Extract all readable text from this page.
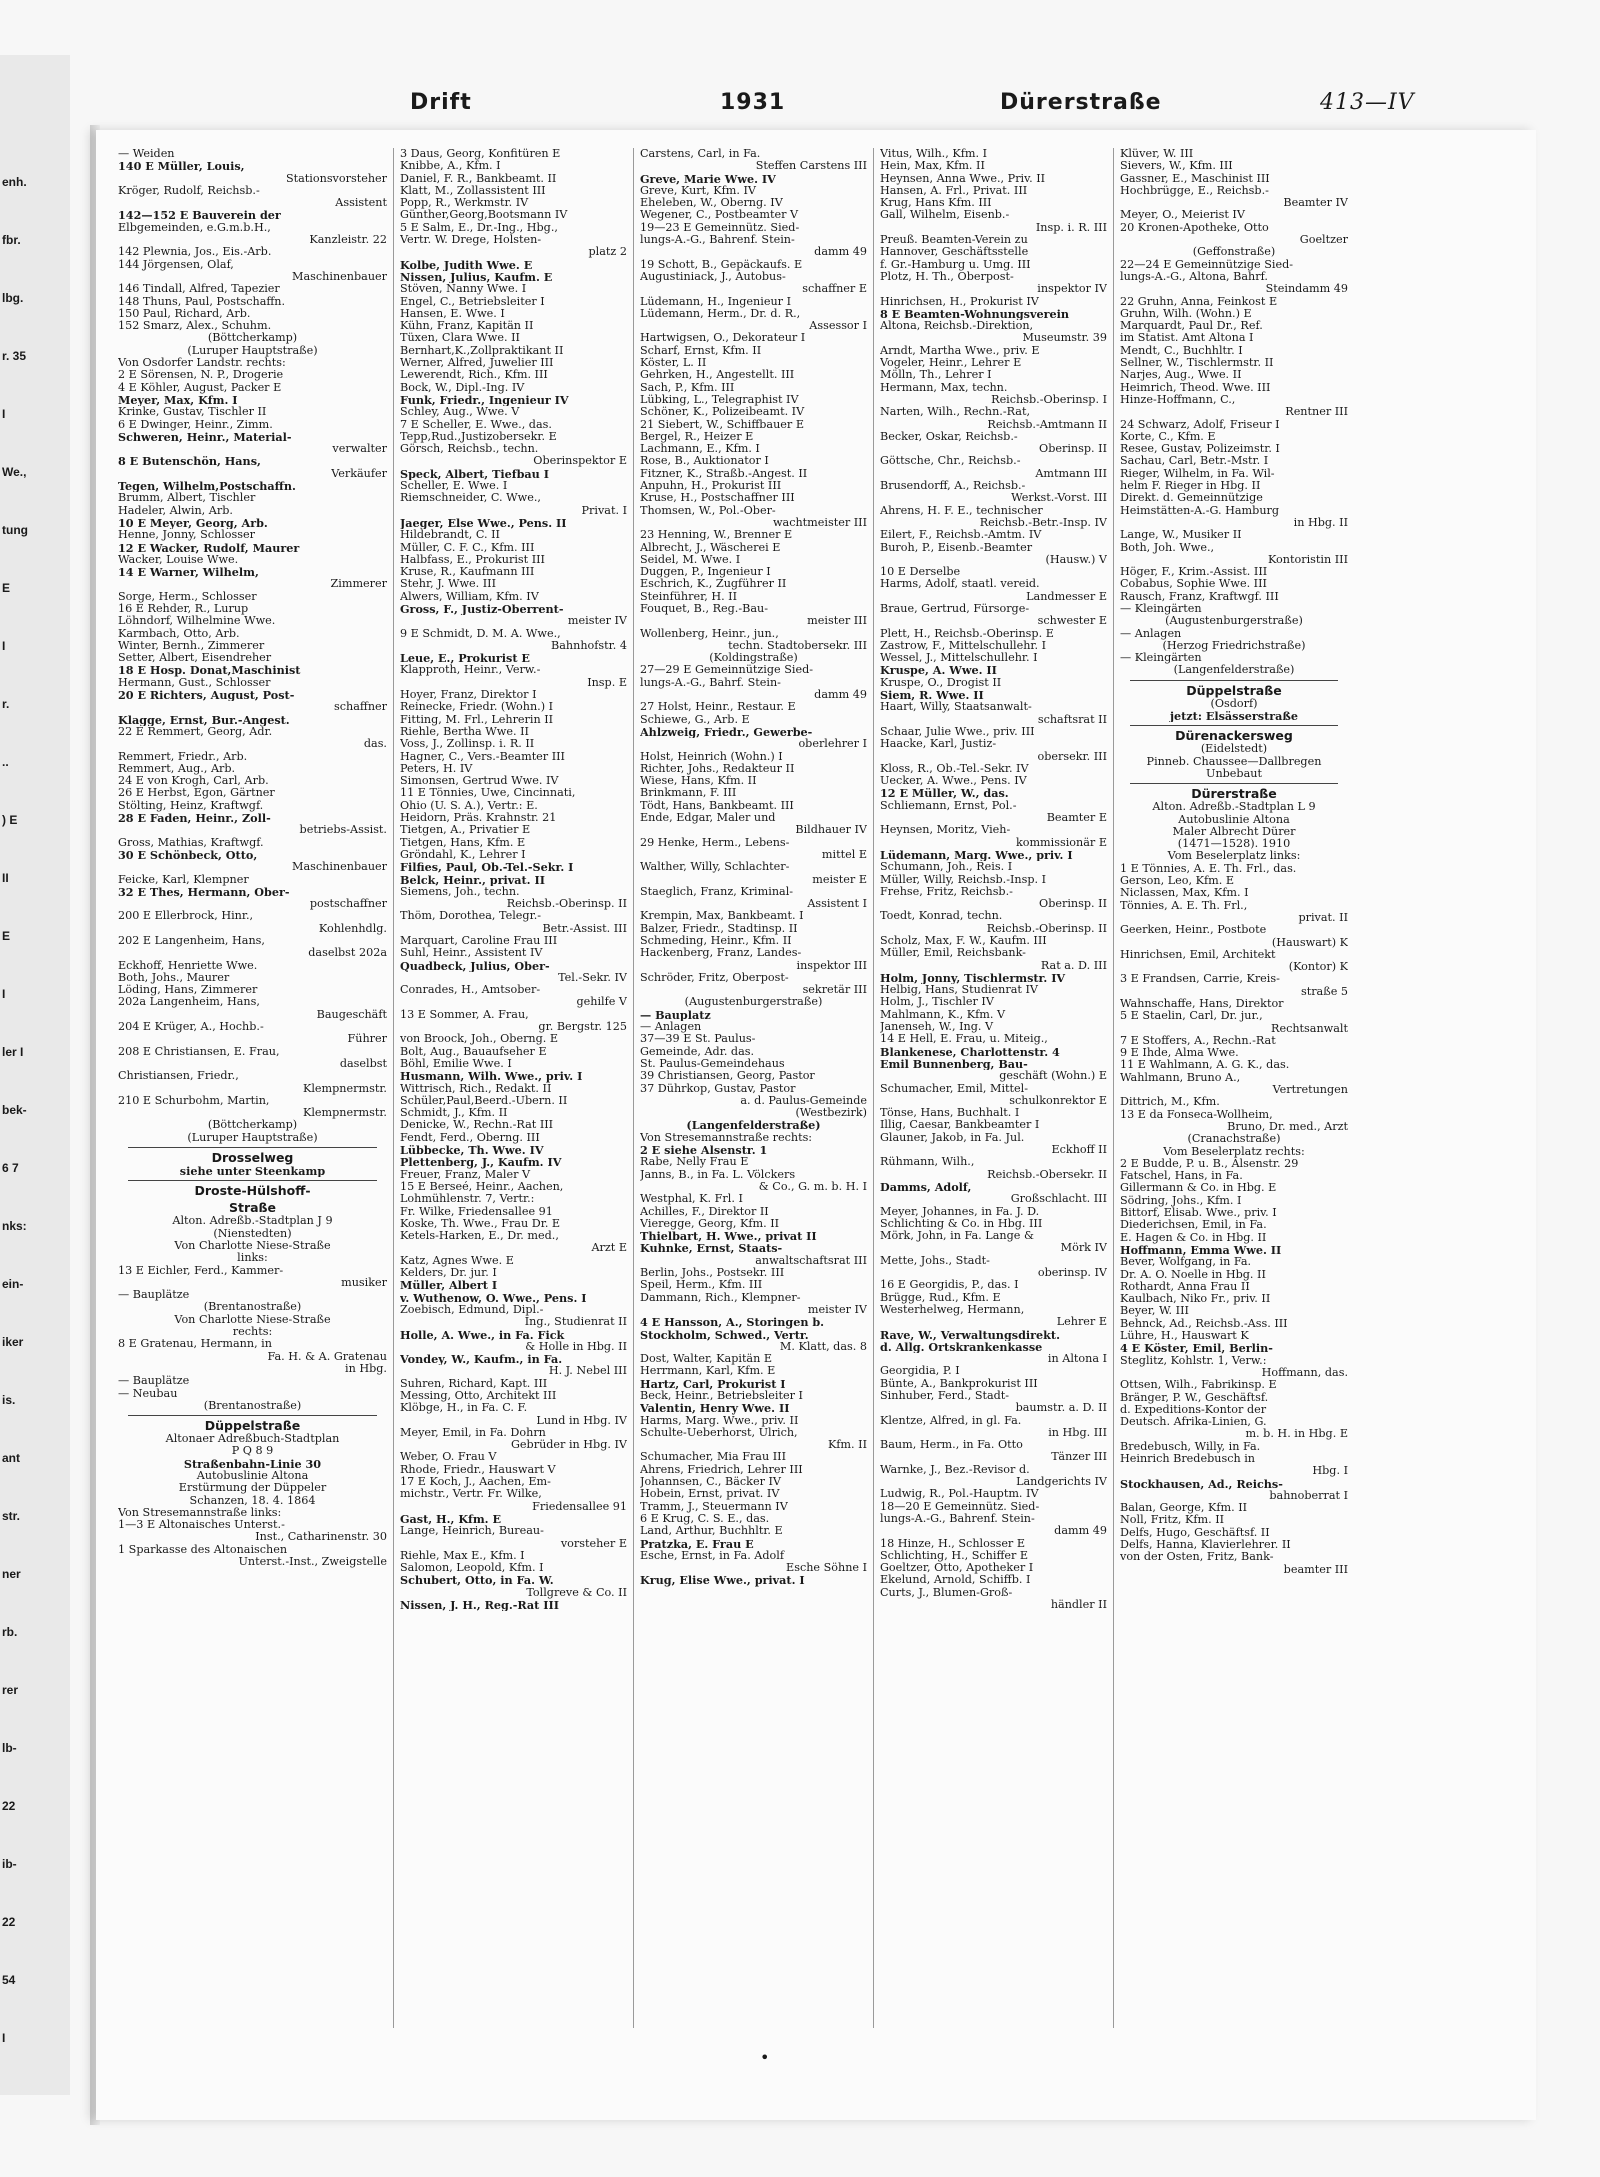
enh.
fbr.
lbg.
r. 35
I
We.,
tung
E
I
r.
..
) E
II
E
I
ler I
bek-
6 7
nks:
ein-
iker
is.
ant
str.
ner
rb.
rer
lb-
22
ib-
22
54
I
Drift	1931	Dürerstraße	413—IV
— Weiden
140 E Müller, Louis,
Stationsvorsteher
Kröger, Rudolf, Reichsb.-
Assistent
142—152 E Bauverein der
Elbgemeinden, e.G.m.b.H.,
Kanzleistr. 22
142 Plewnia, Jos., Eis.-Arb.
144 Jörgensen, Olaf,
Maschinenbauer
146 Tindall, Alfred, Tapezier
148 Thuns, Paul, Postschaffn.
150 Paul, Richard, Arb.
152 Smarz, Alex., Schuhm.
(Böttcherkamp)
(Luruper Hauptstraße)
Von Osdorfer Landstr. rechts:
2 E Sörensen, N. P., Drogerie
4 E Köhler, August, Packer E
Meyer, Max, Kfm. I
Krinke, Gustav, Tischler II
6 E Dwinger, Heinr., Zimm.
Schweren, Heinr., Material-
verwalter
8 E Butenschön, Hans,
Verkäufer
Tegen, Wilhelm,Postschaffn.
Brumm, Albert, Tischler
Hadeler, Alwin, Arb.
10 E Meyer, Georg, Arb.
Henne, Jonny, Schlosser
12 E Wacker, Rudolf, Maurer
Wacker, Louise Wwe.
14 E Warner, Wilhelm,
Zimmerer
Sorge, Herm., Schlosser
16 E Rehder, R., Lurup
Löhndorf, Wilhelmine Wwe.
Karmbach, Otto, Arb.
Winter, Bernh., Zimmerer
Setter, Albert, Eisendreher
18 E Hosp. Donat,Maschinist
Hermann, Gust., Schlosser
20 E Richters, August, Post-
schaffner
Klagge, Ernst, Bur.-Angest.
22 E Remmert, Georg, Adr.
das.
Remmert, Friedr., Arb.
Remmert, Aug., Arb.
24 E von Krogh, Carl, Arb.
26 E Herbst, Egon, Gärtner
Stölting, Heinz, Kraftwgf.
28 E Faden, Heinr., Zoll-
betriebs-Assist.
Gross, Mathias, Kraftwgf.
30 E Schönbeck, Otto,
Maschinenbauer
Feicke, Karl, Klempner
32 E Thes, Hermann, Ober-
postschaffner
200 E Ellerbrock, Hinr.,
Kohlenhdlg.
202 E Langenheim, Hans,
daselbst 202a
Eckhoff, Henriette Wwe.
Both, Johs., Maurer
Löding, Hans, Zimmerer
202a Langenheim, Hans,
Baugeschäft
204 E Krüger, A., Hochb.-
Führer
208 E Christiansen, E. Frau,
daselbst
Christiansen, Friedr.,
Klempnermstr.
210 E Schurbohm, Martin,
Klempnermstr.
(Böttcherkamp)
(Luruper Hauptstraße)
Drosselweg
siehe unter Steenkamp
Droste-Hülshoff-
Straße
Alton. Adreßb.-Stadtplan J 9
(Nienstedten)
Von Charlotte Niese-Straße
links:
13 E Eichler, Ferd., Kammer-
musiker
— Bauplätze
(Brentanostraße)
Von Charlotte Niese-Straße
rechts:
8 E Gratenau, Hermann, in
Fa. H. & A. Gratenau
in Hbg.
— Bauplätze
— Neubau
(Brentanostraße)
Düppelstraße
Altonaer Adreßbuch-Stadtplan
P Q 8 9
Straßenbahn-Linie 30
Autobuslinie Altona
Erstürmung der Düppeler
Schanzen, 18. 4. 1864
Von Stresemannstraße links:
1—3 E Altonaisches Unterst.-
Inst., Catharinenstr. 30
1 Sparkasse des Altonaischen
Unterst.-Inst., Zweigstelle
3 Daus, Georg, Konfitüren E
Knibbe, A., Kfm. I
Daniel, F. R., Bankbeamt. II
Klatt, M., Zollassistent III
Popp, R., Werkmstr. IV
Günther,Georg,Bootsmann IV
5 E Salm, E., Dr.-Ing., Hbg.,
Vertr. W. Drege, Holsten-
platz 2
Kolbe, Judith Wwe. E
Nissen, Julius, Kaufm. E
Stöven, Nanny Wwe. I
Engel, C., Betriebsleiter I
Hansen, E. Wwe. I
Kühn, Franz, Kapitän II
Tüxen, Clara Wwe. II
Bernhart,K.,Zollpraktikant II
Werner, Alfred, Juwelier III
Lewerendt, Rich., Kfm. III
Bock, W., Dipl.-Ing. IV
Funk, Friedr., Ingenieur IV
Schley, Aug., Wwe. V
7 E Scheller, E. Wwe., das.
Tepp,Rud.,Justizobersekr. E
Görsch, Reichsb., techn.
Oberinspektor E
Speck, Albert, Tiefbau I
Scheller, E. Wwe. I
Riemschneider, C. Wwe.,
Privat. I
Jaeger, Else Wwe., Pens. II
Hildebrandt, C. II
Müller, C. F. C., Kfm. III
Halbfass, E., Prokurist III
Kruse, R., Kaufmann III
Stehr, J. Wwe. III
Alwers, William, Kfm. IV
Gross, F., Justiz-Oberrent-
meister IV
9 E Schmidt, D. M. A. Wwe.,
Bahnhofstr. 4
Leue, E., Prokurist E
Klapproth, Heinr., Verw.-
Insp. E
Hoyer, Franz, Direktor I
Reinecke, Friedr. (Wohn.) I
Fitting, M. Frl., Lehrerin II
Riehle, Bertha Wwe. II
Voss, J., Zollinsp. i. R. II
Hagner, C., Vers.-Beamter III
Peters, H. IV
Simonsen, Gertrud Wwe. IV
11 E Tönnies, Uwe, Cincinnati,
Ohio (U. S. A.), Vertr.: E.
Heidorn, Präs. Krahnstr. 21
Tietgen, A., Privatier E
Tietgen, Hans, Kfm. E
Gröndahl, K., Lehrer I
Filfies, Paul, Ob.-Tel.-Sekr. I
Belck, Heinr., privat. II
Siemens, Joh., techn.
Reichsb.-Oberinsp. II
Thöm, Dorothea, Telegr.-
Betr.-Assist. III
Marquart, Caroline Frau III
Suhl, Heinr., Assistent IV
Quadbeck, Julius, Ober-
Tel.-Sekr. IV
Conrades, H., Amtsober-
gehilfe V
13 E Sommer, A. Frau,
gr. Bergstr. 125
von Broock, Joh., Oberng. E
Bolt, Aug., Bauaufseher E
Böhl, Emilie Wwe. I
Husmann, Wilh. Wwe., priv. I
Wittrisch, Rich., Redakt. II
Schüler,Paul,Beerd.-Übern. II
Schmidt, J., Kfm. II
Denicke, W., Rechn.-Rat III
Fendt, Ferd., Oberng. III
Lübbecke, Th. Wwe. IV
Plettenberg, J., Kaufm. IV
Freuer, Franz, Maler V
15 E Berseé, Heinr., Aachen,
Lohmühlenstr. 7, Vertr.:
Fr. Wilke, Friedensallee 91
Koske, Th. Wwe., Frau Dr. E
Ketels-Harken, E., Dr. med.,
Arzt E
Katz, Agnes Wwe. E
Kelders, Dr. jur. I
Müller, Albert I
v. Wuthenow, O. Wwe., Pens. I
Zoebisch, Edmund, Dipl.-
Ing., Studienrat II
Holle, A. Wwe., in Fa. Fick
& Holle in Hbg. II
Vondey, W., Kaufm., in Fa.
H. J. Nebel III
Suhren, Richard, Kapt. III
Messing, Otto, Architekt III
Klöbge, H., in Fa. C. F.
Lund in Hbg. IV
Meyer, Emil, in Fa. Dohrn
Gebrüder in Hbg. IV
Weber, O. Frau V
Rhode, Friedr., Hauswart V
17 E Koch, J., Aachen, Em-
michstr., Vertr. Fr. Wilke,
Friedensallee 91
Gast, H., Kfm. E
Lange, Heinrich, Bureau-
vorsteher E
Riehle, Max E., Kfm. I
Salomon, Leopold, Kfm. I
Schubert, Otto, in Fa. W.
Tollgreve & Co. II
Nissen, J. H., Reg.-Rat III
Carstens, Carl, in Fa.
Steffen Carstens III
Greve, Marie Wwe. IV
Greve, Kurt, Kfm. IV
Eheleben, W., Oberng. IV
Wegener, C., Postbeamter V
19—23 E Gemeinnütz. Sied-
lungs-A.-G., Bahrenf. Stein-
damm 49
19 Schott, B., Gepäckaufs. E
Augustiniack, J., Autobus-
schaffner E
Lüdemann, H., Ingenieur I
Lüdemann, Herm., Dr. d. R.,
Assessor I
Hartwigsen, O., Dekorateur I
Scharf, Ernst, Kfm. II
Köster, L. II
Gehrken, H., Angestellt. III
Sach, P., Kfm. III
Lübking, L., Telegraphist IV
Schöner, K., Polizeibeamt. IV
21 Siebert, W., Schiffbauer E
Bergel, R., Heizer E
Lachmann, E., Kfm. I
Rose, B., Auktionator I
Fitzner, K., Straßb.-Angest. II
Anpuhn, H., Prokurist III
Kruse, H., Postschaffner III
Thomsen, W., Pol.-Ober-
wachtmeister III
23 Henning, W., Brenner E
Albrecht, J., Wäscherei E
Seidel, M. Wwe. I
Duggen, P., Ingenieur I
Eschrich, K., Zugführer II
Steinführer, H. II
Fouquet, B., Reg.-Bau-
meister III
Wollenberg, Heinr., jun.,
techn. Stadtobersekr. III
(Koldingstraße)
27—29 E Gemeinnützige Sied-
lungs-A.-G., Bahrf. Stein-
damm 49
27 Holst, Heinr., Restaur. E
Schiewe, G., Arb. E
Ahlzweig, Friedr., Gewerbe-
oberlehrer I
Holst, Heinrich (Wohn.) I
Richter, Johs., Redakteur II
Wiese, Hans, Kfm. II
Brinkmann, F. III
Tödt, Hans, Bankbeamt. III
Ende, Edgar, Maler und
Bildhauer IV
29 Henke, Herm., Lebens-
mittel E
Walther, Willy, Schlachter-
meister E
Staeglich, Franz, Kriminal-
Assistent I
Krempin, Max, Bankbeamt. I
Balzer, Friedr., Stadtinsp. II
Schmeding, Heinr., Kfm. II
Hackenberg, Franz, Landes-
inspektor III
Schröder, Fritz, Oberpost-
sekretär III
(Augustenburgerstraße)
— Bauplatz
— Anlagen
37—39 E St. Paulus-
Gemeinde, Adr. das.
St. Paulus-Gemeindehaus
39 Christiansen, Georg, Pastor
37 Dührkop, Gustav, Pastor
a. d. Paulus-Gemeinde
(Westbezirk)
(Langenfelderstraße)
Von Stresemannstraße rechts:
2 E siehe Alsenstr. 1
Rabe, Nelly Frau E
Janns, B., in Fa. L. Völckers
& Co., G. m. b. H. I
Westphal, K. Frl. I
Achilles, F., Direktor II
Vieregge, Georg, Kfm. II
Thielbart, H. Wwe., privat II
Kuhnke, Ernst, Staats-
anwaltschaftsrat III
Berlin, Johs., Postsekr. III
Speil, Herm., Kfm. III
Dammann, Rich., Klempner-
meister IV
4 E Hansson, A., Storingen b.
Stockholm, Schwed., Vertr.
M. Klatt, das. 8
Dost, Walter, Kapitän E
Herrmann, Karl, Kfm. E
Hartz, Carl, Prokurist I
Beck, Heinr., Betriebsleiter I
Valentin, Henry Wwe. II
Harms, Marg. Wwe., priv. II
Schulte-Ueberhorst, Ulrich,
Kfm. II
Schumacher, Mia Frau III
Ahrens, Friedrich, Lehrer III
Johannsen, C., Bäcker IV
Hobein, Ernst, privat. IV
Tramm, J., Steuermann IV
6 E Krug, C. S. E., das.
Land, Arthur, Buchhltr. E
Pratzka, E. Frau E
Esche, Ernst, in Fa. Adolf
Esche Söhne I
Krug, Elise Wwe., privat. I
Vitus, Wilh., Kfm. I
Hein, Max, Kfm. II
Heynsen, Anna Wwe., Priv. II
Hansen, A. Frl., Privat. III
Krug, Hans Kfm. III
Gall, Wilhelm, Eisenb.-
Insp. i. R. III
Preuß. Beamten-Verein zu
Hannover, Geschäftsstelle
f. Gr.-Hamburg u. Umg. III
Plotz, H. Th., Oberpost-
inspektor IV
Hinrichsen, H., Prokurist IV
8 E Beamten-Wohnungsverein
Altona, Reichsb.-Direktion,
Museumstr. 39
Arndt, Martha Wwe., priv. E
Vogeler, Heinr., Lehrer E
Mölln, Th., Lehrer I
Hermann, Max, techn.
Reichsb.-Oberinsp. I
Narten, Wilh., Rechn.-Rat,
Reichsb.-Amtmann II
Becker, Oskar, Reichsb.-
Oberinsp. II
Göttsche, Chr., Reichsb.-
Amtmann III
Brusendorff, A., Reichsb.-
Werkst.-Vorst. III
Ahrens, H. F. E., technischer
Reichsb.-Betr.-Insp. IV
Eilert, F., Reichsb.-Amtm. IV
Buroh, P., Eisenb.-Beamter
(Hausw.) V
10 E Derselbe
Harms, Adolf, staatl. vereid.
Landmesser E
Braue, Gertrud, Fürsorge-
schwester E
Plett, H., Reichsb.-Oberinsp. E
Zastrow, F., Mittelschullehr. I
Wessel, J., Mittelschullehr. I
Kruspe, A. Wwe. II
Kruspe, O., Drogist II
Siem, R. Wwe. II
Haart, Willy, Staatsanwalt-
schaftsrat II
Schaar, Julie Wwe., priv. III
Haacke, Karl, Justiz-
obersekr. III
Kloss, R., Ob.-Tel.-Sekr. IV
Uecker, A. Wwe., Pens. IV
12 E Müller, W., das.
Schliemann, Ernst, Pol.-
Beamter E
Heynsen, Moritz, Vieh-
kommissionär E
Lüdemann, Marg. Wwe., priv. I
Schumann, Joh., Reis. I
Müller, Willy, Reichsb.-Insp. I
Frehse, Fritz, Reichsb.-
Oberinsp. II
Toedt, Konrad, techn.
Reichsb.-Oberinsp. II
Scholz, Max, F. W., Kaufm. III
Müller, Emil, Reichsbank-
Rat a. D. III
Holm, Jonny, Tischlermstr. IV
Helbig, Hans, Studienrat IV
Holm, J., Tischler IV
Mahlmann, K., Kfm. V
Janenseh, W., Ing. V
14 E Hell, E. Frau, u. Miteig.,
Blankenese, Charlottenstr. 4
Emil Bunnenberg, Bau-
geschäft (Wohn.) E
Schumacher, Emil, Mittel-
schulkonrektor E
Tönse, Hans, Buchhalt. I
Illig, Caesar, Bankbeamter I
Glauner, Jakob, in Fa. Jul.
Eckhoff II
Rühmann, Wilh.,
Reichsb.-Obersekr. II
Damms, Adolf,
Großschlacht. III
Meyer, Johannes, in Fa. J. D.
Schlichting & Co. in Hbg. III
Mörk, John, in Fa. Lange &
Mörk IV
Mette, Johs., Stadt-
oberinsp. IV
16 E Georgidis, P., das. I
Brügge, Rud., Kfm. E
Westerhelweg, Hermann,
Lehrer E
Rave, W., Verwaltungsdirekt.
d. Allg. Ortskrankenkasse
in Altona I
Georgidia, P. I
Bünte, A., Bankprokurist III
Sinhuber, Ferd., Stadt-
baumstr. a. D. II
Klentze, Alfred, in gl. Fa.
in Hbg. III
Baum, Herm., in Fa. Otto
Tänzer III
Warnke, J., Bez.-Revisor d.
Landgerichts IV
Ludwig, R., Pol.-Hauptm. IV
18—20 E Gemeinnütz. Sied-
lungs-A.-G., Bahrenf. Stein-
damm 49
18 Hinze, H., Schlosser E
Schlichting, H., Schiffer E
Goeltzer, Otto, Apotheker I
Ekelund, Arnold, Schiffb. I
Curts, J., Blumen-Groß-
händler II
Klüver, W. III
Sievers, W., Kfm. III
Gassner, E., Maschinist III
Hochbrügge, E., Reichsb.-
Beamter IV
Meyer, O., Meierist IV
20 Kronen-Apotheke, Otto
Goeltzer
(Geffonstraße)
22—24 E Gemeinnützige Sied-
lungs-A.-G., Altona, Bahrf.
Steindamm 49
22 Gruhn, Anna, Feinkost E
Gruhn, Wilh. (Wohn.) E
Marquardt, Paul Dr., Ref.
im Statist. Amt Altona I
Mendt, C., Buchhltr. I
Sellner, W., Tischlermstr. II
Narjes, Aug., Wwe. II
Heimrich, Theod. Wwe. III
Hinze-Hoffmann, C.,
Rentner III
24 Schwarz, Adolf, Friseur I
Korte, C., Kfm. E
Resee, Gustav, Polizeimstr. I
Sachau, Carl, Betr.-Mstr. I
Rieger, Wilhelm, in Fa. Wil-
helm F. Rieger in Hbg. II
Direkt. d. Gemeinnützige
Heimstätten-A.-G. Hamburg
in Hbg. II
Lange, W., Musiker II
Both, Joh. Wwe.,
Kontoristin III
Höger, F., Krim.-Assist. III
Cobabus, Sophie Wwe. III
Rausch, Franz, Kraftwgf. III
— Kleingärten
(Augustenburgerstraße)
— Anlagen
(Herzog Friedrichstraße)
— Kleingärten
(Langenfelderstraße)
Düppelstraße
(Osdorf)
jetzt: Elsässerstraße
Dürenackersweg
(Eidelstedt)
Pinneb. Chaussee—Dallbregen
Unbebaut
Dürerstraße
Alton. Adreßb.-Stadtplan L 9
Autobuslinie Altona
Maler Albrecht Dürer
(1471—1528). 1910
Vom Beselerplatz links:
1 E Tönnies, A. E. Th. Frl., das.
Gerson, Leo, Kfm. E
Niclassen, Max, Kfm. I
Tönnies, A. E. Th. Frl.,
privat. II
Geerken, Heinr., Postbote
(Hauswart) K
Hinrichsen, Emil, Architekt
(Kontor) K
3 E Frandsen, Carrie, Kreis-
straße 5
Wahnschaffe, Hans, Direktor
5 E Staelin, Carl, Dr. jur.,
Rechtsanwalt
7 E Stoffers, A., Rechn.-Rat
9 E Ihde, Alma Wwe.
11 E Wahlmann, A. G. K., das.
Wahlmann, Bruno A.,
Vertretungen
Dittrich, M., Kfm.
13 E da Fonseca-Wollheim,
Bruno, Dr. med., Arzt
(Cranachstraße)
Vom Beselerplatz rechts:
2 E Budde, P. u. B., Alsenstr. 29
Fatschel, Hans, in Fa.
Gillermann & Co. in Hbg. E
Södring, Johs., Kfm. I
Bittorf, Elisab. Wwe., priv. I
Diederichsen, Emil, in Fa.
E. Hagen & Co. in Hbg. II
Hoffmann, Emma Wwe. II
Bever, Wolfgang, in Fa.
Dr. A. O. Noelle in Hbg. II
Rothardt, Anna Frau II
Kaulbach, Niko Fr., priv. II
Beyer, W. III
Behnck, Ad., Reichsb.-Ass. III
Lühre, H., Hauswart K
4 E Köster, Emil, Berlin-
Steglitz, Kohlstr. 1, Verw.:
Hoffmann, das.
Ottsen, Wilh., Fabrikinsp. E
Bränger, P. W., Geschäftsf.
d. Expeditions-Kontor der
Deutsch. Afrika-Linien, G.
m. b. H. in Hbg. E
Bredebusch, Willy, in Fa.
Heinrich Bredebusch in
Hbg. I
Stockhausen, Ad., Reichs-
bahnoberrat I
Balan, George, Kfm. II
Noll, Fritz, Kfm. II
Delfs, Hugo, Geschäftsf. II
Delfs, Hanna, Klavierlehrer. II
von der Osten, Fritz, Bank-
beamter III
•
